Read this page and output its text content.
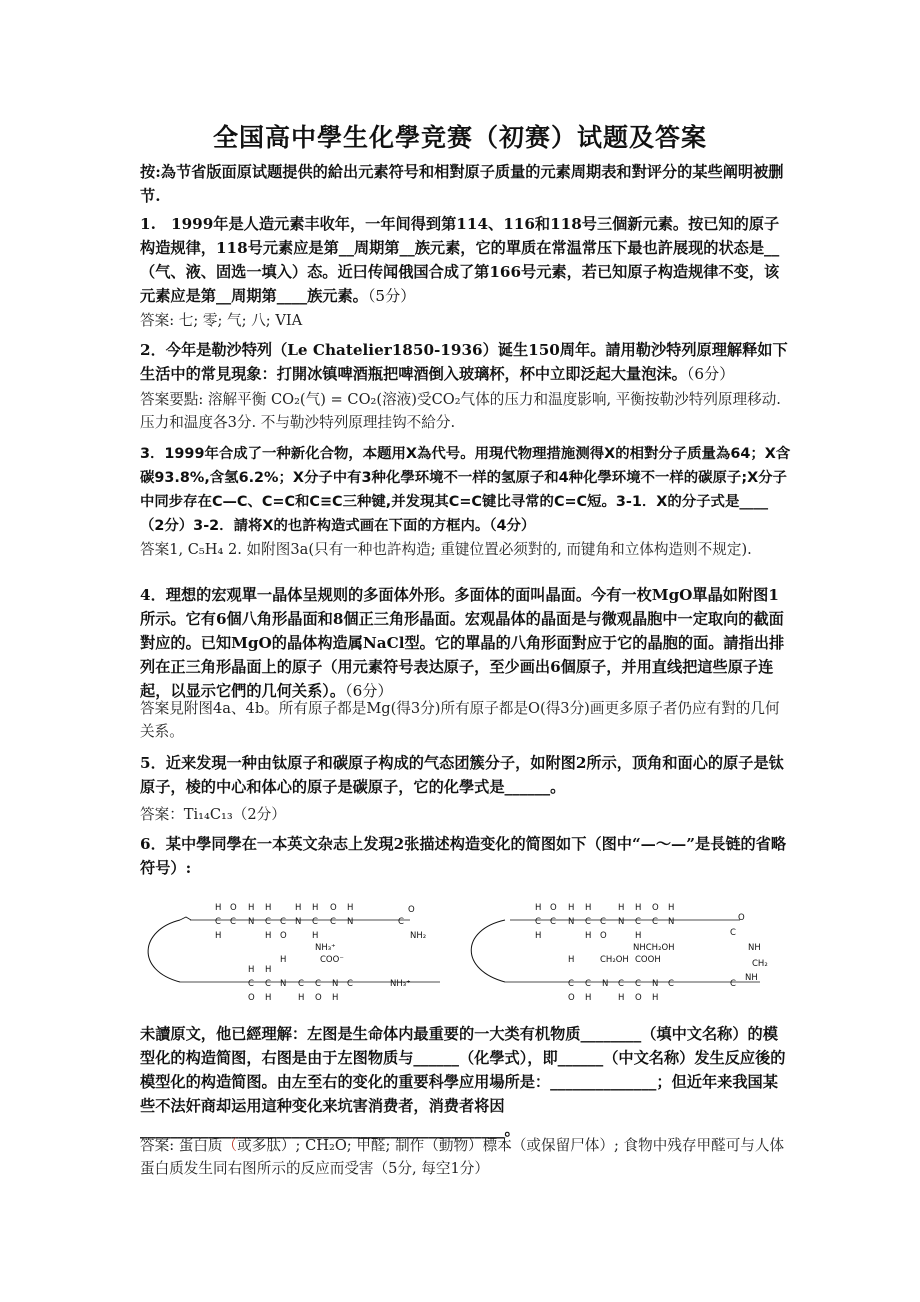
全国高中學生化學竞赛（初赛）试题及答案
按:為节省版面原试题提供的給出元素符号和相對原子质量的元素周期表和對评分的某些阐明被删节.
1.　1999年是人造元素丰收年，一年间得到第114、116和118号三個新元素。按已知的原子构造规律，118号元素应是第__周期第__族元素，它的單质在常温常压下最也許展现的状态是__（气、液、固选一填入）态。近曰传闻俄国合成了第166号元素，若已知原子构造规律不变，该元素应是第__周期第____族元素。（5分）
答案: 七; 零; 气; 八; VIA
2．今年是勒沙特列（Le Chatelier1850-1936）诞生150周年。請用勒沙特列原理解释如下生活中的常見現象：打開冰镇啤酒瓶把啤酒倒入玻璃杯，杯中立即泛起大量泡沫。（6分）
答案要點: 溶解平衡 CO₂(气) = CO₂(溶液)受CO₂气体的压力和温度影响, 平衡按勒沙特列原理移动. 压力和温度各3分. 不与勒沙特列原理挂钩不給分.
3．1999年合成了一种新化合物，本题用X為代号。用現代物理措施测得X的相對分子质量為64；X含碳93.8%,含氢6.2%；X分子中有3种化學环境不一样的氢原子和4种化學环境不一样的碳原子;X分子中同步存在C—C、C=C和C≡C三种键,并发現其C=C键比寻常的C=C短。3-1．X的分子式是____（2分）3-2．請将X的也許构造式画在下面的方框内。（4分）
答案1, C₅H₄ 2. 如附图3a(只有一种也許构造; 重键位置必须對的, 而键角和立体构造则不规定).
4．理想的宏观單一晶体呈规则的多面体外形。多面体的面叫晶面。今有一枚MgO單晶如附图1所示。它有6個八角形晶面和8個正三角形晶面。宏观晶体的晶面是与微观晶胞中一定取向的截面對应的。已知MgO的晶体构造属NaCl型。它的單晶的八角形面對应于它的晶胞的面。請指出排列在正三角形晶面上的原子（用元素符号表达原子，至少画出6個原子，并用直线把這些原子连起，以显示它們的几何关系）。（6分）
答案見附图4a、4b。所有原子都是Mg(得3分)所有原子都是O(得3分)画更多原子者仍应有對的几何关系。
5．近来发現一种由钛原子和碳原子构成的气态团簇分子，如附图2所示，顶角和面心的原子是钛原子，棱的中心和体心的原子是碳原子，它的化學式是______。
答案：Ti₁₄C₁₃（2分）
6．某中學同學在一本英文杂志上发現2张描述构造变化的简图如下（图中“—～—”是長链的省略符号）:
H O H H	H H O H
C C N C C N C C N
H	H O	H
NH₃⁺
O
C
NH₂
H	COO⁻
H H
C C N C C N C	NH₃⁺
O H	H O H
H O H H	H H O H
C C N C C N C C N
H	H O	H
NHCH₂OH
O
C
NH
CH₂
H	CH₂OH COOH
C C N C C N C	C
NH
O H	H O H
未讀原文，他已經理解：左图是生命体内最重要的一大类有机物质________（填中文名称）的模型化的构造简图，右图是由于左图物质与______（化學式），即______（中文名称）发生反应後的模型化的构造简图。由左至右的变化的重要科學应用場所是：______________；但近年来我国某些不法奸商却运用這种变化来坑害消费者，消费者将因________________________________________________。
答案: 蛋白质（或多肽）; CH₂O; 甲醛; 制作（動物）標本（或保留尸体）; 食物中残存甲醛可与人体蛋白质发生同右图所示的反应而受害（5分, 每空1分）
